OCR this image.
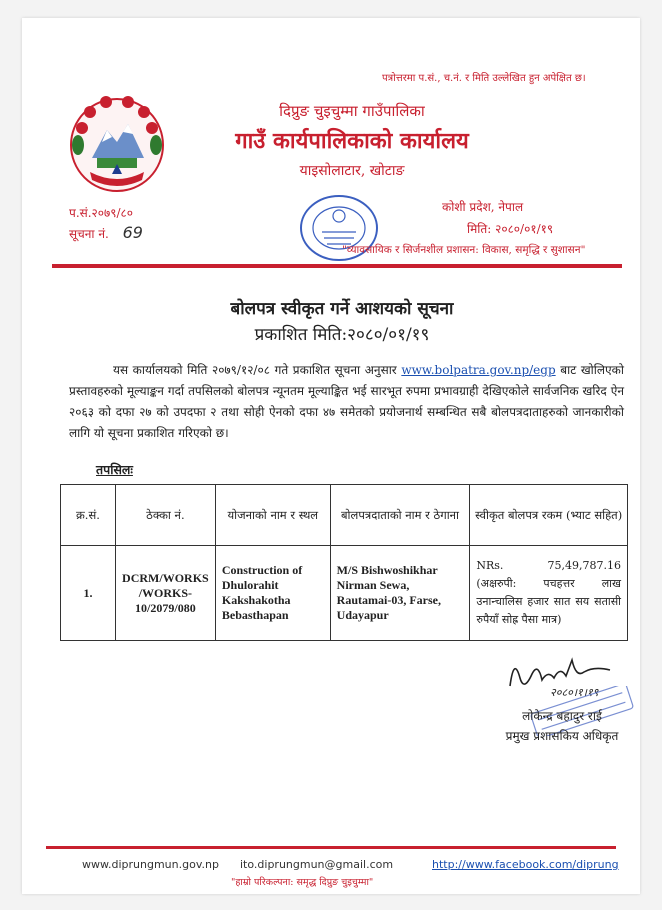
पत्रोत्तरमा प.सं., च.नं. र मिति उल्लेखित हुन अपेक्षित छ।
दिप्रुङ चुइचुम्मा गाउँपालिका
गाउँ कार्यपालिकाको कार्यालय
याइसोलाटार, खोटाङ
प.सं.२०७९/८०
सूचना नं. 69
कोशी प्रदेश, नेपाल
मिति: २०८०/०१/१९
"व्यावसायिक र सिर्जनशील प्रशासन: विकास, समृद्धि र सुशासन"
बोलपत्र स्वीकृत गर्ने आशयको सूचना
प्रकाशित मिति:२०८०/०१/१९
यस कार्यालयको मिति २०७९/१२/०८ गते प्रकाशित सूचना अनुसार www.bolpatra.gov.np/egp बाट खोलिएको प्रस्तावहरुको मूल्याङ्कन गर्दा तपसिलको बोलपत्र न्यूनतम मूल्याङ्कित भई सारभूत रुपमा प्रभावग्राही देखिएकोले सार्वजनिक खरिद ऐन २०६३ को दफा २७ को उपदफा २ तथा सोही ऐनको दफा ४७ समेतको प्रयोजनार्थ सम्बन्धित सबै बोलपत्रदाताहरुको जानकारीको लागि यो सूचना प्रकाशित गरिएको छ।
तपसिलः
क्र.सं.	ठेक्का नं.	योजनाको नाम र स्थल	बोलपत्रदाताको नाम र ठेगाना	स्वीकृत बोलपत्र रकम (भ्याट सहित)
1.	DCRM/WORKS /WORKS-10/2079/080	Construction of Dhulorahit Kakshakotha Bebasthapan	M/S Bishwoshikhar Nirman Sewa, Rautamai-03, Farse, Udayapur	NRs. 75,49,787.16 (अक्षरुपी: पचहत्तर लाख उनान्चालिस हजार सात सय सतासी रुपैयाँ सोह्र पैसा मात्र)
२०८०।१।१९
लोकेन्द्र बहादुर राई
प्रमुख प्रशासकिय अधिकृत
www.diprungmun.gov.np ito.diprungmun@gmail.com	http://www.facebook.com/diprung
"हाम्रो परिकल्पना: समृद्ध दिप्रुङ चुइचुम्मा"
